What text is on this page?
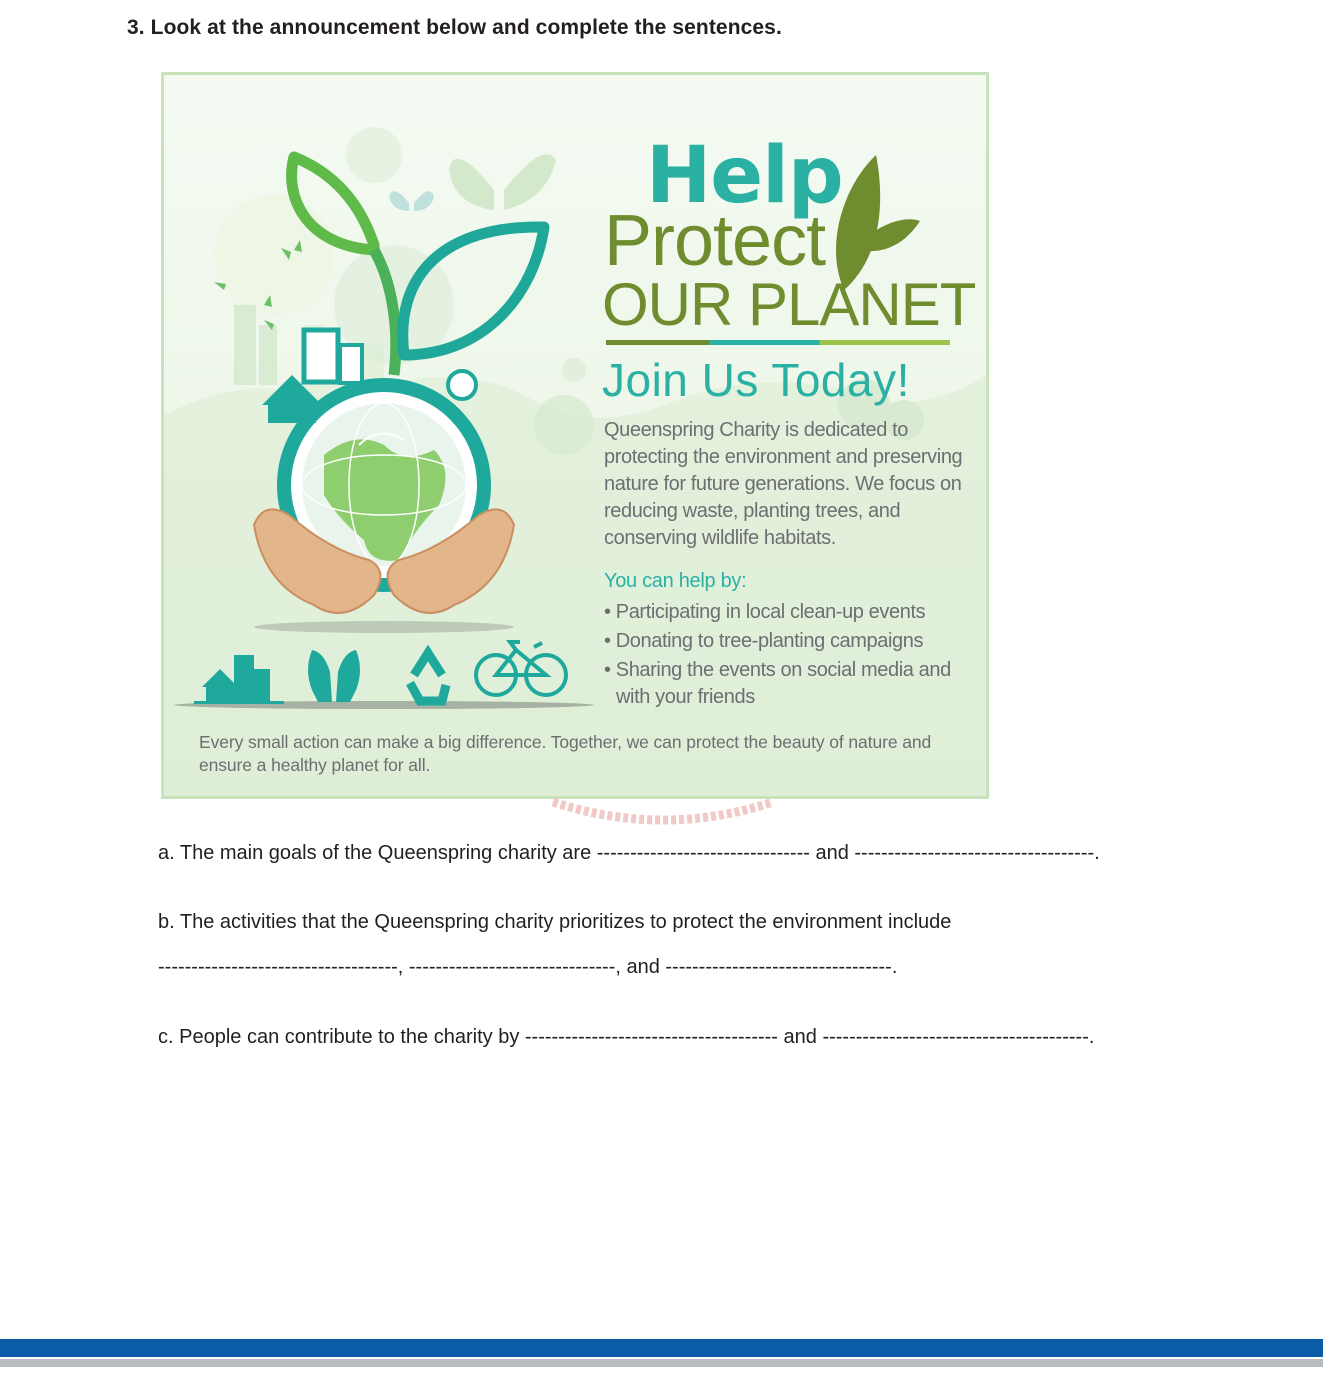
3. Look at the announcement below and complete the sentences.
Help
Protect
OUR PLANET
Join Us Today!
Queenspring Charity is dedicated to protecting the environment and preserving nature for future generations. We focus on reducing waste, planting trees, and conserving wildlife habitats.
You can help by:
• Participating in local clean-up events
• Donating to tree-planting campaigns
• Sharing the events on social media and with your friends
Every small action can make a big difference. Together, we can protect the beauty of nature and ensure a healthy planet for all.
a. The main goals of the Queenspring charity are -------------------------------- and ------------------------------------.
b. The activities that the Queenspring charity prioritizes to protect the environment include
------------------------------------, -------------------------------, and ----------------------------------.
c. People can contribute to the charity by -------------------------------------- and ----------------------------------------.
